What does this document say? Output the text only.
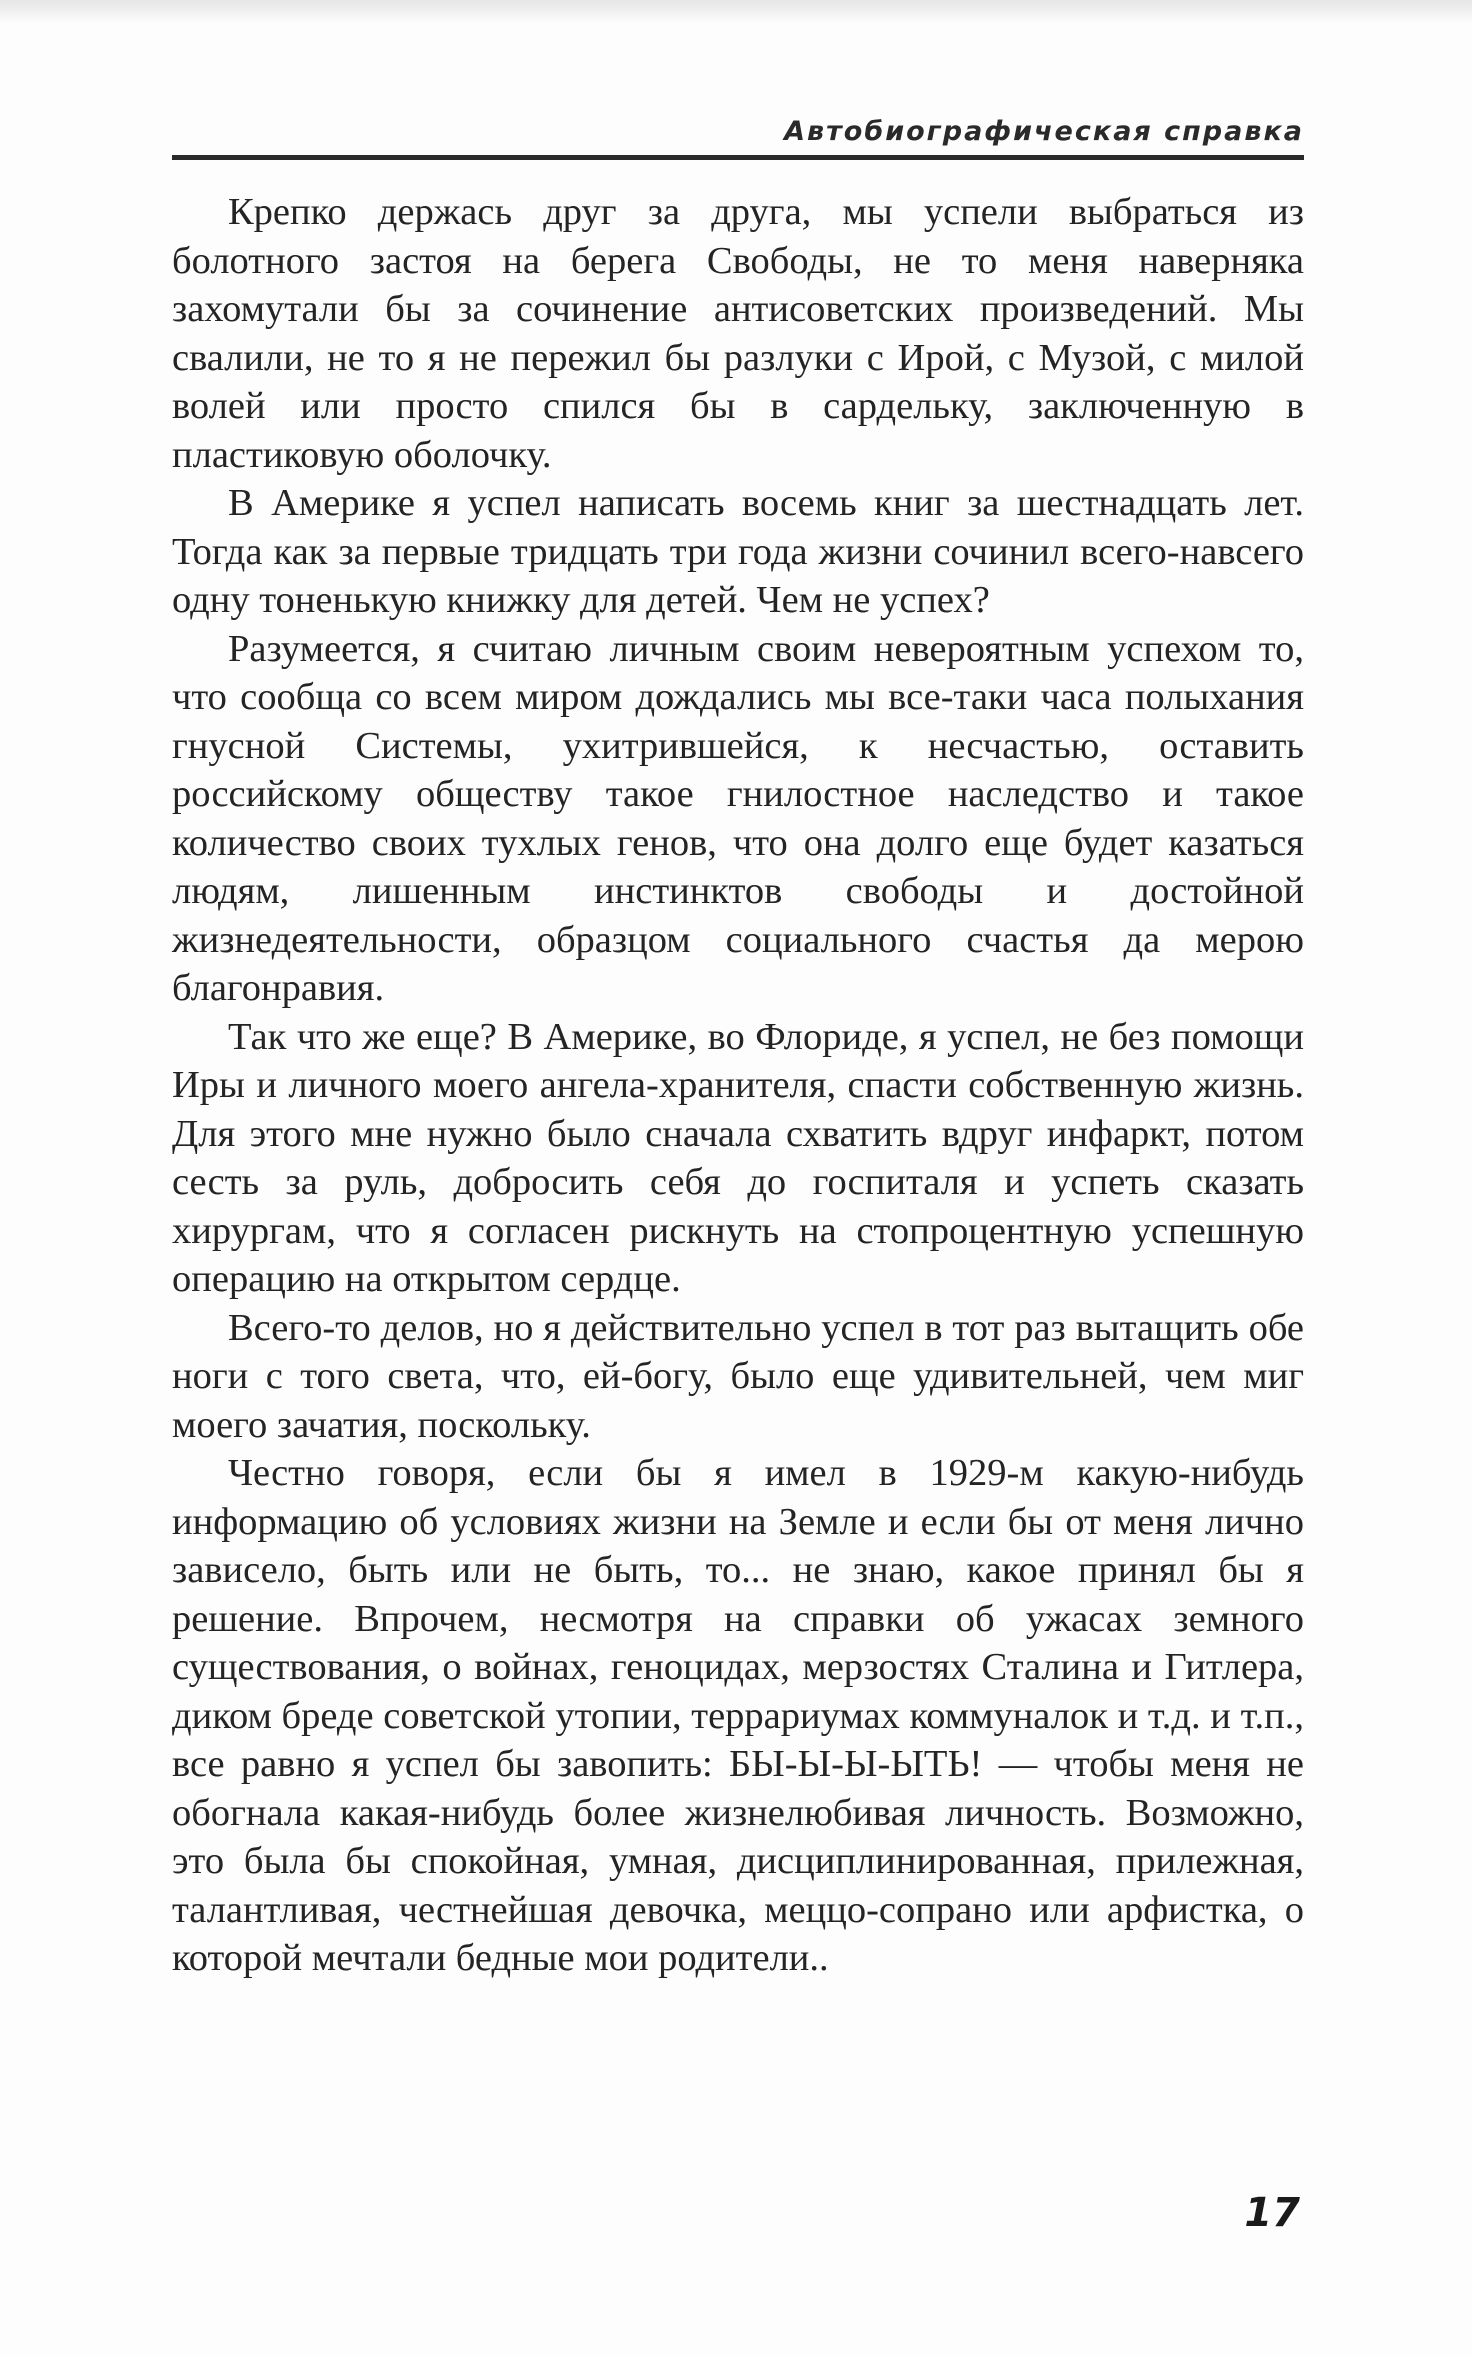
Автобиографическая справка

Крепко держась друг за друга, мы успели выбраться из болотного застоя на берега Свободы, не то меня наверняка захомутали бы за сочинение антисоветских произведений. Мы свалили, не то я не пережил бы разлуки с Ирой, с Музой, с милой волей или просто спился бы в сардельку, заключенную в пластиковую оболочку.

В Америке я успел написать восемь книг за шестнадцать лет. Тогда как за первые тридцать три года жизни сочинил всего-навсего одну тоненькую книжку для детей. Чем не успех?

Разумеется, я считаю личным своим невероятным успехом то, что сообща со всем миром дождались мы все-таки часа полыхания гнусной Системы, ухитрившейся, к несчастью, оставить российскому обществу такое гнилостное наследство и такое количество своих тухлых генов, что она долго еще будет казаться людям, лишенным инстинктов свободы и достойной жизнедеятельности, образцом социального счастья да мерою благонравия.

Так что же еще? В Америке, во Флориде, я успел, не без помощи Иры и личного моего ангела-хранителя, спасти собственную жизнь. Для этого мне нужно было сначала схватить вдруг инфаркт, потом сесть за руль, добросить себя до госпиталя и успеть сказать хирургам, что я согласен рискнуть на стопроцентную успешную операцию на открытом сердце.

Всего-то делов, но я действительно успел в тот раз вытащить обе ноги с того света, что, ей-богу, было еще удивительней, чем миг моего зачатия, поскольку.

Честно говоря, если бы я имел в 1929-м какую-нибудь информацию об условиях жизни на Земле и если бы от меня лично зависело, быть или не быть, то... не знаю, какое принял бы я решение. Впрочем, несмотря на справки об ужасах земного существования, о войнах, геноцидах, мерзостях Сталина и Гитлера, диком бреде советской утопии, террариумах коммуналок и т.д. и т.п., все равно я успел бы завопить: БЫ-Ы-Ы-ЫТЬ! — чтобы меня не обогнала какая-нибудь более жизнелюбивая личность. Возможно, это была бы спокойная, умная, дисциплинированная, прилежная, талантливая, честнейшая девочка, меццо-сопрано или арфистка, о которой мечтали бедные мои родители..

17
